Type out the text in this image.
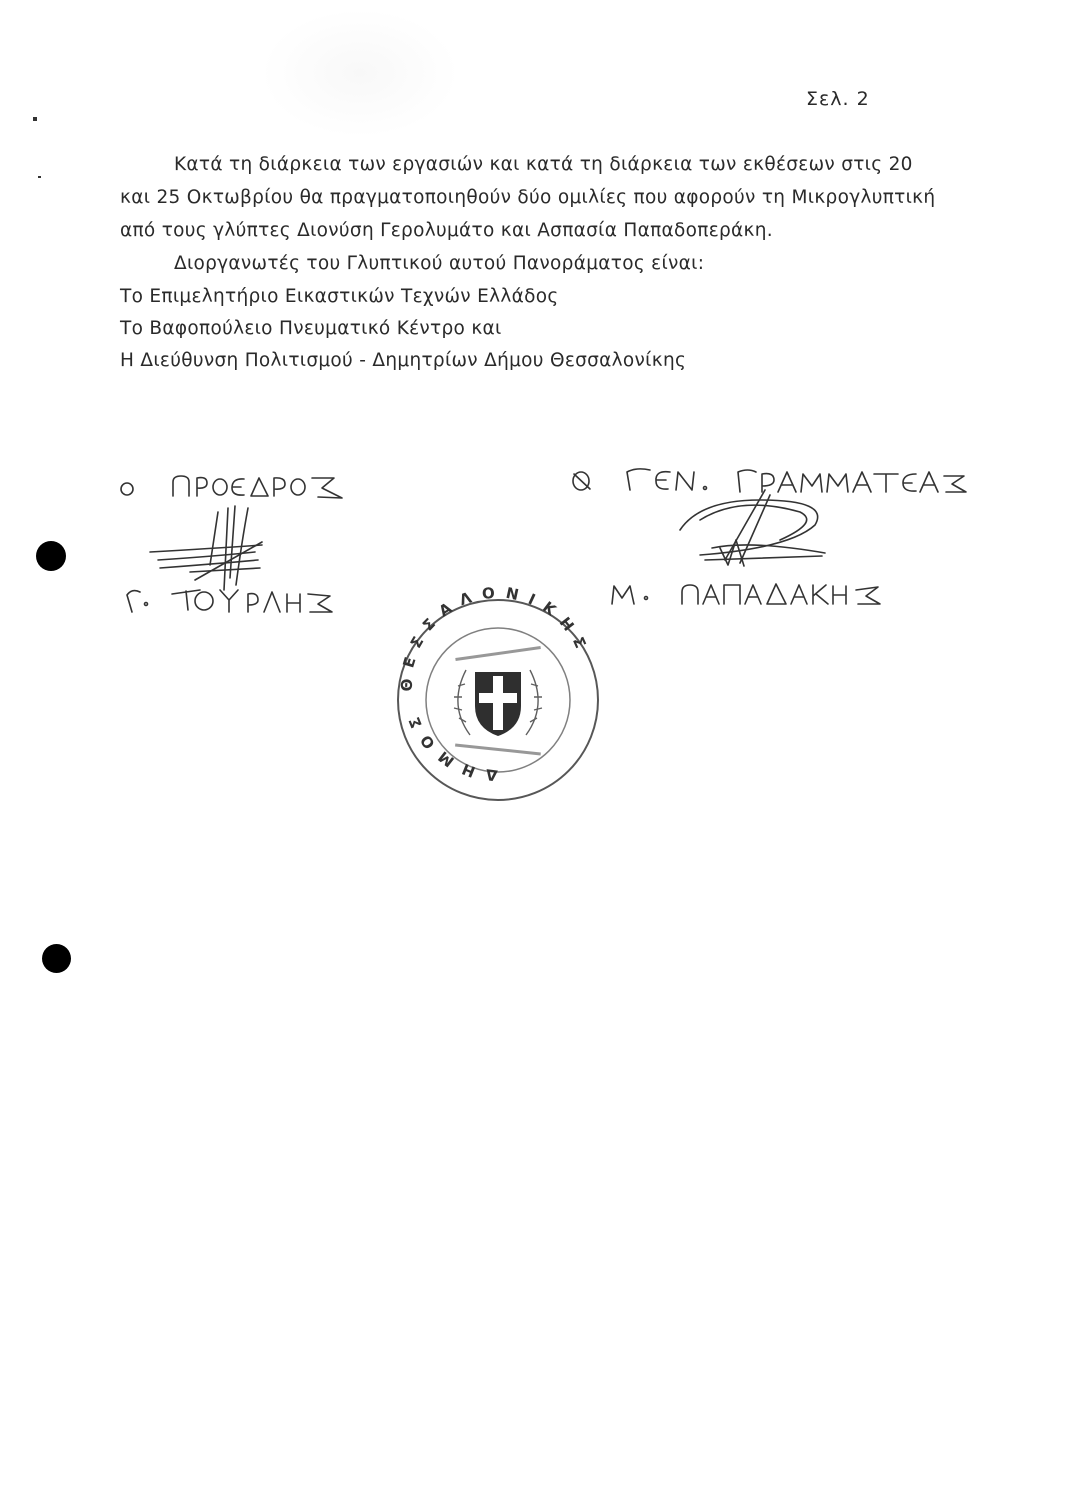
Σελ. 2
Κατά τη διάρκεια των εργασιών και κατά τη διάρκεια των εκθέσεων στις 20
και 25 Οκτωβρίου θα πραγματοποιηθούν δύο ομιλίες που αφορούν τη Μικρογλυπτική
από τους γλύπτες Διονύση Γερολυμάτο και Ασπασία Παπαδοπεράκη.
Διοργανωτές του Γλυπτικού αυτού Πανοράματος είναι:
Το Επιμελητήριο Εικαστικών Τεχνών Ελλάδος
Το Βαφοπούλειο Πνευματικό Κέντρο και
Η Διεύθυνση Πολιτισμού - Δημητρίων Δήμου Θεσσαλονίκης
ΔΗΜΟΣ ΘΕΣΣΑΛΟΝΙΚΗΣ
